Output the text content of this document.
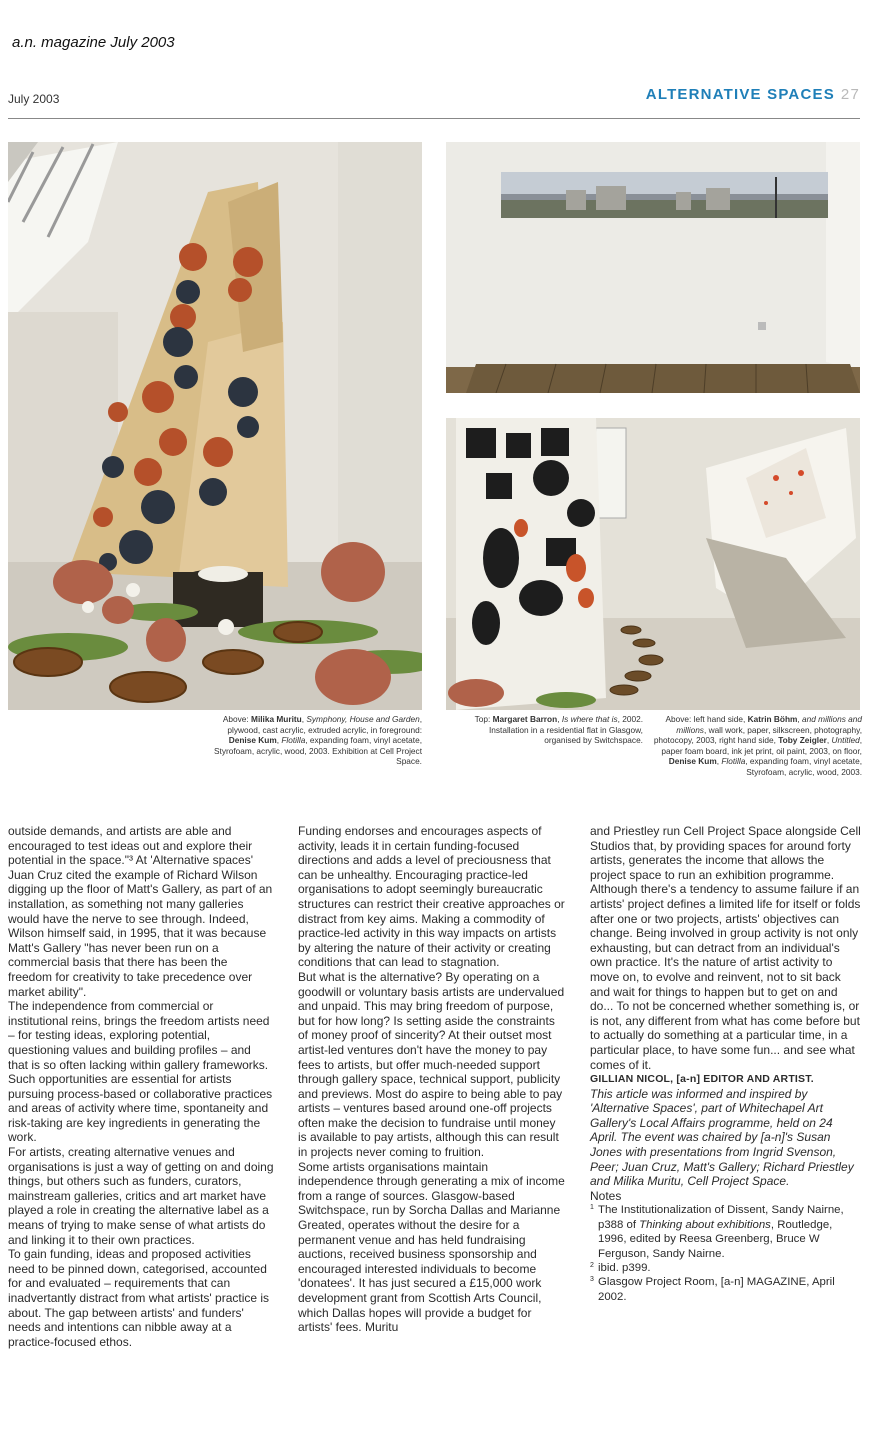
a.n. magazine July 2003
July 2003	ALTERNATIVE SPACES 27
Above: Milika Muritu, Symphony, House and Garden, plywood, cast acrylic, extruded acrylic, in foreground: Denise Kum, Flotilla, expanding foam, vinyl acetate, Styrofoam, acrylic, wood, 2003. Exhibition at Cell Project Space.
Top: Margaret Barron, Is where that is, 2002. Installation in a residential flat in Glasgow, organised by Switchspace.
Above: left hand side, Katrin Böhm, and millions and millions, wall work, paper, silkscreen, photography, photocopy, 2003, right hand side, Toby Zeigler, Untitled, paper foam board, ink jet print, oil paint, 2003, on floor, Denise Kum, Flotilla, expanding foam, vinyl acetate, Styrofoam, acrylic, wood, 2003.

outside demands, and artists are able and encouraged to test ideas out and explore their potential in the space."³ At 'Alternative spaces' Juan Cruz cited the example of Richard Wilson digging up the floor of Matt's Gallery, as part of an installation, as something not many galleries would have the nerve to see through. Indeed, Wilson himself said, in 1995, that it was because Matt's Gallery "has never been run on a commercial basis that there has been the freedom for creativity to take precedence over market ability".

The independence from commercial or institutional reins, brings the freedom artists need – for testing ideas, exploring potential, questioning values and building profiles – and that is so often lacking within gallery frameworks. Such opportunities are essential for artists pursuing process-based or collaborative practices and areas of activity where time, spontaneity and risk-taking are key ingredients in generating the work.

For artists, creating alternative venues and organisations is just a way of getting on and doing things, but others such as funders, curators, mainstream galleries, critics and art market have played a role in creating the alternative label as a means of trying to make sense of what artists do and linking it to their own practices.

To gain funding, ideas and proposed activities need to be pinned down, categorised, accounted for and evaluated – requirements that can inadvertantly distract from what artists' practice is about. The gap between artists' and funders' needs and intentions can nibble away at a practice-focused ethos.

Funding endorses and encourages aspects of activity, leads it in certain funding-focused directions and adds a level of preciousness that can be unhealthy. Encouraging practice-led organisations to adopt seemingly bureaucratic structures can restrict their creative approaches or distract from key aims. Making a commodity of practice-led activity in this way impacts on artists by altering the nature of their activity or creating conditions that can lead to stagnation.

But what is the alternative? By operating on a goodwill or voluntary basis artists are undervalued and unpaid. This may bring freedom of purpose, but for how long? Is setting aside the constraints of money proof of sincerity? At their outset most artist-led ventures don't have the money to pay fees to artists, but offer much-needed support through gallery space, technical support, publicity and previews. Most do aspire to being able to pay artists – ventures based around one-off projects often make the decision to fundraise until money is available to pay artists, although this can result in projects never coming to fruition.

Some artists organisations maintain independence through generating a mix of income from a range of sources. Glasgow-based Switchspace, run by Sorcha Dallas and Marianne Greated, operates without the desire for a permanent venue and has held fundraising auctions, received business sponsorship and encouraged interested individuals to become 'donatees'. It has just secured a £15,000 work development grant from Scottish Arts Council, which Dallas hopes will provide a budget for artists' fees. Muritu

and Priestley run Cell Project Space alongside Cell Studios that, by providing spaces for around forty artists, generates the income that allows the project space to run an exhibition programme.

Although there's a tendency to assume failure if an artists' project defines a limited life for itself or folds after one or two projects, artists' objectives can change. Being involved in group activity is not only exhausting, but can detract from an individual's own practice. It's the nature of artist activity to move on, to evolve and reinvent, not to sit back and wait for things to happen but to get on and do... To not be concerned whether something is, or is not, any different from what has come before but to actually do something at a particular time, in a particular place, to have some fun... and see what comes of it.

GILLIAN NICOL, [a-n] EDITOR AND ARTIST.

This article was informed and inspired by 'Alternative Spaces', part of Whitechapel Art Gallery's Local Affairs programme, held on 24 April. The event was chaired by [a-n]'s Susan Jones with presentations from Ingrid Svenson, Peer; Juan Cruz, Matt's Gallery; Richard Priestley and Milika Muritu, Cell Project Space.

Notes

1 The Institutionalization of Dissent, Sandy Nairne, p388 of Thinking about exhibitions, Routledge, 1996, edited by Reesa Greenberg, Bruce W Ferguson, Sandy Nairne.

2 ibid. p399.

3 Glasgow Project Room, [a-n] MAGAZINE, April 2002.
